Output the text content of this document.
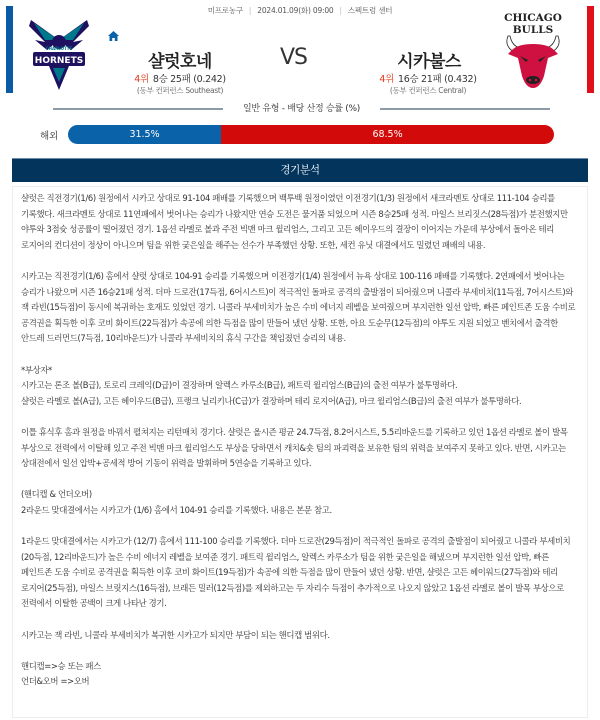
미프로농구 | 2024.01.09(화) 09:00 | 스펙트럼 센터
CHARLOTTE
HORNETS	샬럿호네	VS	시카불스
4위 8승 25패 (0.242)	4위 16승 21패 (0.432)
(동부 컨퍼런스 Southeast)	(동부 컨퍼런스 Central)
CHICAGO
BULLS
일반 유형 - 배당 산정 승률 (%)
해외	31.5%	68.5%
경기분석

샬럿은 직전경기(1/6) 원정에서 시카고 상대로 91-104 패배를 기록했으며 백투백 원정이였던 이전경기(1/3) 원정에서 새크라멘토 상대로 111-104 승리를 기록했다. 새크라멘토 상대로 11연패에서 벗어나는 승리가 나왔지만 연승 도전은 물거품 되었으며 시즌 8승25패 성적. 마일스 브리짓스(28득점)가 분전했지만 야투와 3점슛 성공률이 떨어졌던 경기. 1옵션 라멜로 볼과 주전 빅맨 마크 윌리엄스, 그리고 고든 헤이우드의 결장이 이어지는 가운데 부상에서 돌아온 테리 로지어의 컨디션이 정상이 아니으며 팀을 위한 궂은일을 해주는 선수가 부족했던 상황. 또한, 세컨 유닛 대결에서도 밀렸던 패배의 내용.

시카고는 직전경기(1/6) 홈에서 샬럿 상대로 104-91 승리를 기록했으며 이전경기(1/4) 원정에서 뉴욕 상대로 100-116 패배를 기록했다. 2연패에서 벗어나는 승리가 나왔으며 시즌 16승21패 성적. 더마 드로잔(17득점, 6어시스트)이 적극적인 돌파로 공격의 출발점이 되어줬으며 니콜라 부세비치(11득점, 7어시스트)와 잭 라빈(15득점)이 동시에 복귀하는 호재도 있었던 경기. 니콜라 부세비치가 높은 수비 에너지 레벨을 보여줬으며 부지런한 일선 압박, 빠른 페인트존 도움 수비로 공격권을 획득한 이후 코비 화이트(22득점)가 속공에 의한 득점을 많이 만들어 냈던 상황. 또한, 아요 도순무(12득점)의 야투도 지원 되었고 벤치에서 출격한 안드레 드러먼드(7득점, 10리바운드)가 니콜라 부세비치의 휴식 구간을 책임졌던 승리의 내용.

*부상자*

시카고는 론조 볼(B급), 토로리 크레익(D급)이 결장하며 알렉스 카루소(B급), 패트릭 윌리엄스(B급)의 출전 여부가 불투명하다.

샬럿은 라멜로 볼(A급), 고든 헤이우드(B급), 프랭크 닐리키나(C급)가 결장하며 테리 로지어(A급), 마크 윌리엄스(B급)의 출전 여부가 불투명하다.

이틀 휴식후 홈과 원정을 바꿔서 펼쳐지는 리턴매치 경기다. 샬럿은 올시즌 평균 24.7득점, 8.2어시스트, 5.5리바운드를 기록하고 있던 1옵션 라멜로 볼이 발목 부상으로 전력에서 이탈해 있고 주전 빅맨 마크 윌리엄스도 부상을 당하면서 캐치&숏 팀의 파괴력을 보유한 팀의 위력을 보여주지 못하고 있다. 반면, 시카고는 상대전에서 일선 압박+공세적 방어 기동이 위력을 발휘하며 5연승을 기록하고 있다.

(핸디캡 & 언더오버)

2라운드 맞대결에서는 시카고가 (1/6) 홈에서 104-91 승리를 기록했다. 내용은 본문 참고.

1라운드 맞대결에서는 시카고가 (12/7) 홈에서 111-100 승리를 기록했다. 더마 드로잔(29득점)이 적극적인 돌파로 공격의 출발점이 되어줬고 니콜라 부세비치(20득점, 12리바운드)가 높은 수비 에너지 레벨을 보여준 경기. 패트릭 윌리엄스, 알렉스 카루소가 팀을 위한 궂은일을 해냈으며 부지런한 일선 압박, 빠른 페인트존 도움 수비로 공격권을 획득한 이후 코비 화이트(19득점)가 속공에 의한 득점을 많이 만들어 냈던 상황. 반면, 샬럿은 고든 헤이워드(27득점)와 테리 로지어(25득점), 마일스 브릿지스(16득점), 브래든 밀러(12득점)를 제외하고는 두 자리수 득점이 추가적으로 나오지 않았고 1옵션 라멜로 볼이 발목 부상으로 전력에서 이탈한 공백이 크게 나타난 경기.

시카고는 잭 라빈, 니콜라 부세비치가 복귀한 시카고가 되지만 부담이 되는 핸디캡 범위다.

핸디캡=>승 또는 패스

언더&오버 =>오버
